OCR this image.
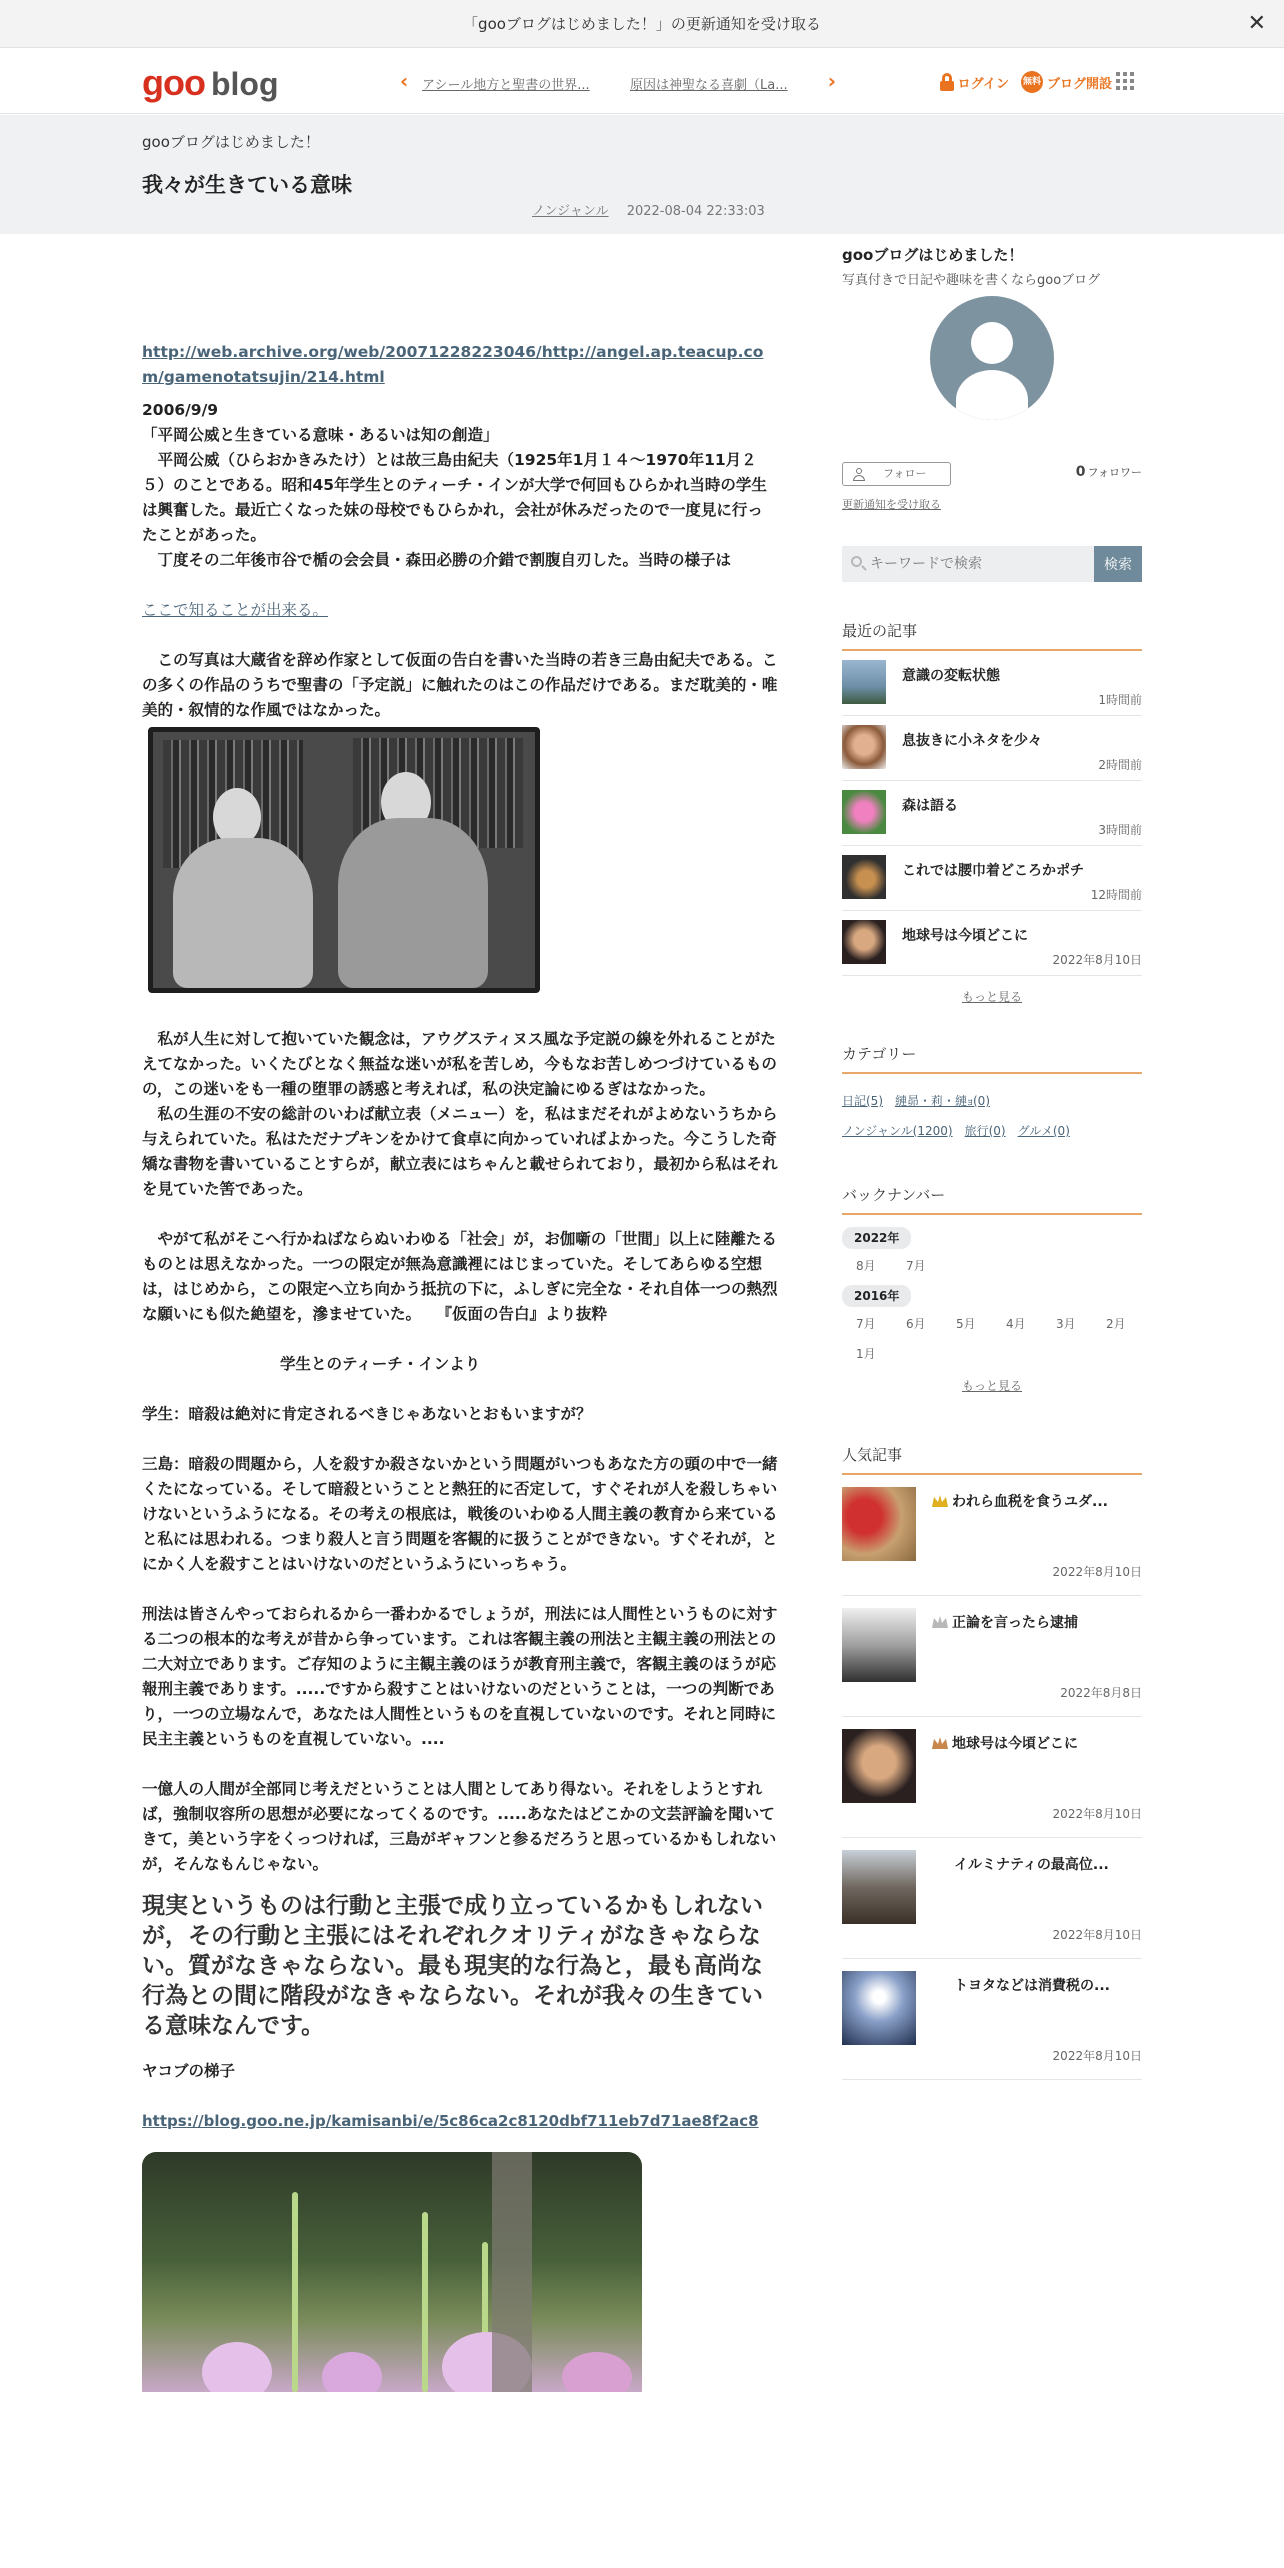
「gooブログはじめました！」の更新通知を受け取る	✕
goo blog	‹ アシール地方と聖書の世界...	原因は神聖なる喜劇（La...	›	ログイン 無料 ブログ開設
gooブログはじめました！
我々が生きている意味
ノンジャンル 2022-08-04 22:33:03

http://web.archive.org/web/20071228223046/http://angel.ap.teacup.com/gamenotatsujin/214.html

2006/9/9

「平岡公威と生きている意味・あるいは知の創造」

　平岡公威（ひらおかきみたけ）とは故三島由紀夫（1925年1月１４～1970年11月２５）のことである。昭和45年学生とのティーチ・インが大学で何回もひらかれ当時の学生は興奮した。最近亡くなった妹の母校でもひらかれ，会社が休みだったので一度見に行ったことがあった。

　丁度その二年後市谷で楯の会会員・森田必勝の介錯で割腹自刃した。当時の様子は

ここで知ることが出来る。

　この写真は大蔵省を辞め作家として仮面の告白を書いた当時の若き三島由紀夫である。この多くの作品のうちで聖書の「予定説」に触れたのはこの作品だけである。まだ耽美的・唯美的・叙情的な作風ではなかった。

　私が人生に対して抱いていた観念は，アウグスティヌス風な予定説の線を外れることがたえてなかった。いくたびとなく無益な迷いが私を苦しめ，今もなお苦しめつづけているものの，この迷いをも一種の堕罪の誘惑と考えれば，私の決定論にゆるぎはなかった。

　私の生涯の不安の総計のいわば献立表（メニュー）を，私はまだそれがよめないうちから与えられていた。私はただナプキンをかけて食卓に向かっていればよかった。今こうした奇矯な書物を書いていることすらが，献立表にはちゃんと載せられており，最初から私はそれを見ていた筈であった。

　やがて私がそこへ行かねばならぬいわゆる「社会」が，お伽噺の「世間」以上に陸離たるものとは思えなかった。一つの限定が無為意識裡にはじまっていた。そしてあらゆる空想は，はじめから，この限定へ立ち向かう抵抗の下に，ふしぎに完全な・それ自体一つの熱烈な願いにも似た絶望を，滲ませていた。　　『仮面の告白』より抜粋

学生とのティーチ・インより

学生：暗殺は絶対に肯定されるべきじゃあないとおもいますが？

三島：暗殺の問題から，人を殺すか殺さないかという問題がいつもあなた方の頭の中で一緒くたになっている。そして暗殺ということと熱狂的に否定して，すぐそれが人を殺しちゃいけないというふうになる。その考えの根底は，戦後のいわゆる人間主義の教育から来ていると私には思われる。つまり殺人と言う問題を客観的に扱うことができない。すぐそれが，とにかく人を殺すことはいけないのだというふうにいっちゃう。

刑法は皆さんやっておられるから一番わかるでしょうが，刑法には人間性というものに対する二つの根本的な考えが昔から争っています。これは客観主義の刑法と主観主義の刑法との二大対立であります。ご存知のように主観主義のほうが教育刑主義で，客観主義のほうが応報刑主義であります。.....ですから殺すことはいけないのだということは，一つの判断であり，一つの立場なんで，あなたは人間性というものを直視していないのです。それと同時に民主主義というものを直視していない。....

一億人の人間が全部同じ考えだということは人間としてあり得ない。それをしようとすれば，強制収容所の思想が必要になってくるのです。.....あなたはどこかの文芸評論を聞いてきて，美という字をくっつければ，三島がギャフンと参るだろうと思っているかもしれないが，そんなもんじゃない。

現実というものは行動と主張で成り立っているかもしれないが，その行動と主張にはそれぞれクオリティがなきゃならない。質がなきゃならない。最も現実的な行為と，最も高尚な行為との間に階段がなきゃならない。それが我々の生きている意味なんです。

ヤコブの梯子

https://blog.goo.ne.jp/kamisanbi/e/5c86ca2c8120dbf711eb7d71ae8f2ac8

gooブログはじめました！
写真付きで日記や趣味を書くならgooブログ
フォロー	0 フォロワー
更新通知を受け取る
キーワードで検索
検索
最近の記事
意識の変転状態
1時間前
息抜きに小ネタを少々
2時間前
森は語る
3時間前
これでは腰巾着どころかポチ
12時間前
地球号は今頃どこに
2022年8月10日
もっと見る
カテゴリー
日記(5) 縺昴・莉・縺ｮ(0)
ノンジャンル(1200) 旅行(0) グルメ(0)
バックナンバー
2022年
8月	7月
2016年
7月	6月	5月	4月	3月	2月
1月
もっと見る
人気記事
われら血税を食うユダ...
2022年8月10日
正論を言ったら逮捕
2022年8月8日
地球号は今頃どこに
2022年8月10日
イルミナティの最高位...
2022年8月10日
トヨタなどは消費税の...
2022年8月10日
